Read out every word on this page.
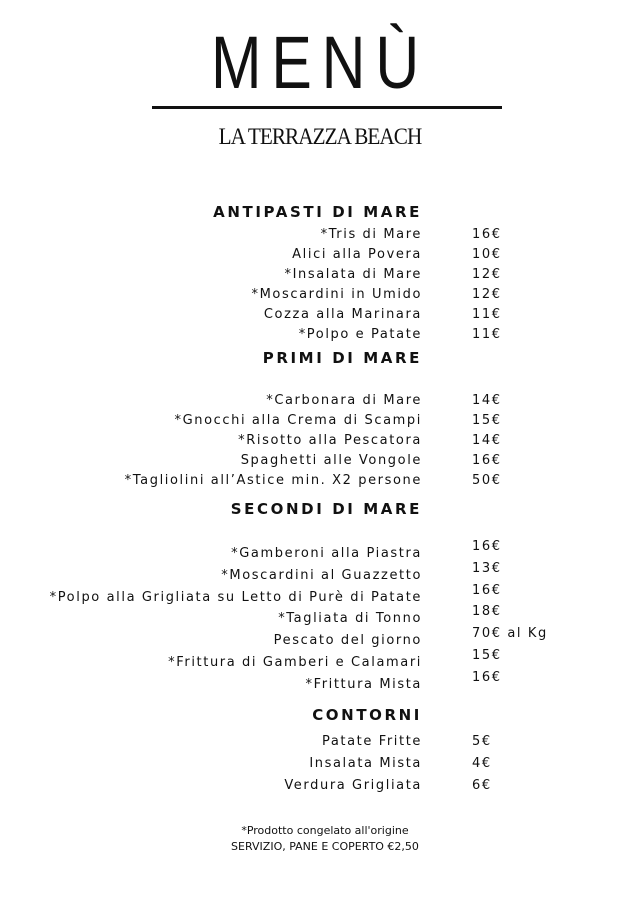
MENÙ
LA TERRAZZA BEACH
ANTIPASTI DI MARE
*Tris di Mare	16€
Alici alla Povera	10€
*Insalata di Mare	12€
*Moscardini in Umido	12€
Cozza alla Marinara	11€
*Polpo e Patate	11€
PRIMI DI MARE
*Carbonara di Mare	14€
*Gnocchi alla Crema di Scampi	15€
*Risotto alla Pescatora	14€
Spaghetti alle Vongole	16€
*Tagliolini all’Astice min. X2 persone	50€
SECONDI DI MARE
*Gamberoni alla Piastra	16€
*Moscardini al Guazzetto	13€
*Polpo alla Grigliata su Letto di Purè di Patate	16€
*Tagliata di Tonno	18€
Pescato del giorno	70€ al Kg
*Frittura di Gamberi e Calamari	15€
*Frittura Mista	16€
CONTORNI
Patate Fritte	5€
Insalata Mista	4€
Verdura Grigliata	6€
*Prodotto congelato all'origine
SERVIZIO, PANE E COPERTO €2,50
